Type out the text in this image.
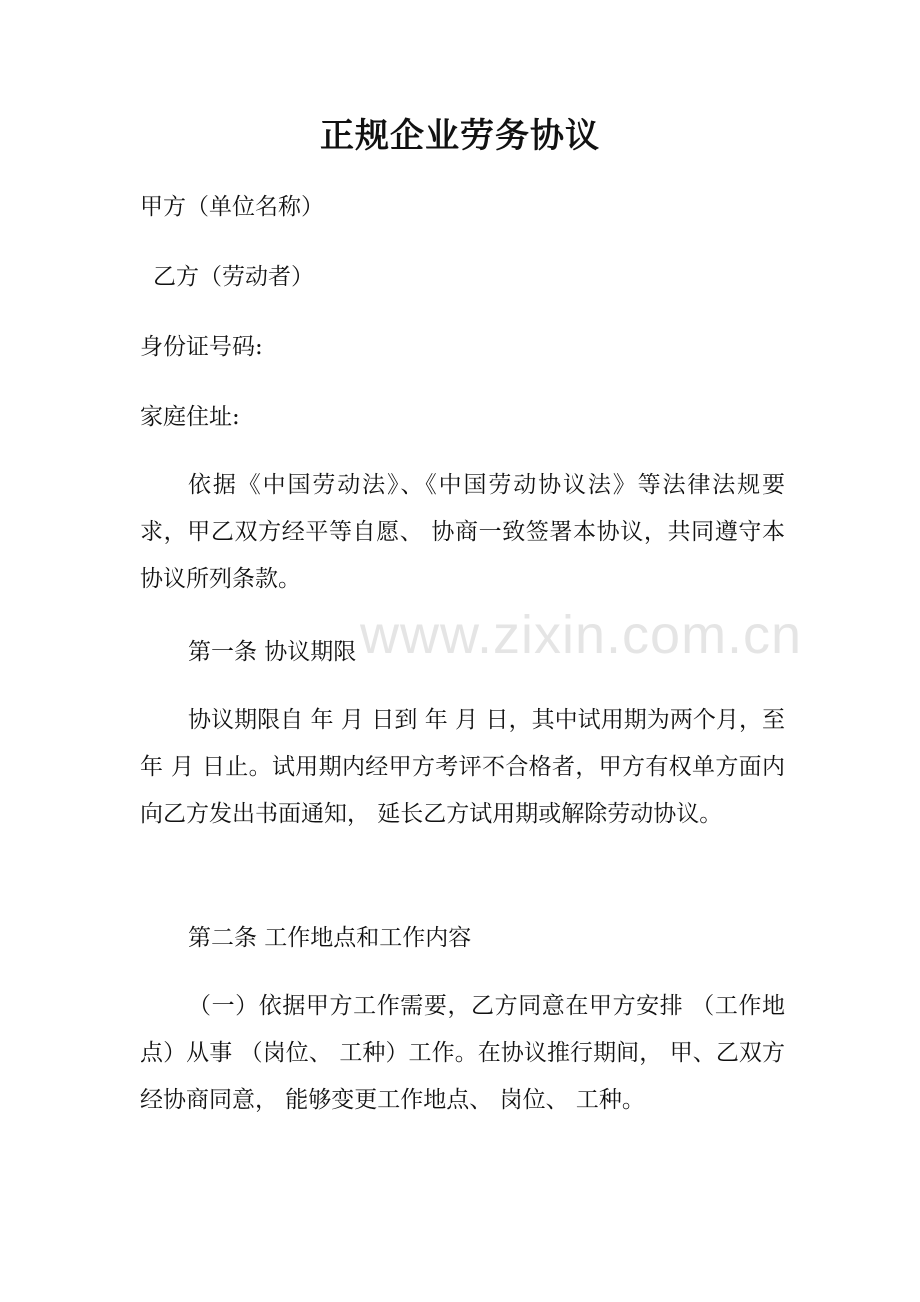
正规企业劳务协议
甲方（单位名称）
乙方（劳动者）
身份证号码:
家庭住址:
依据《中国劳动法》、《中国劳动协议法》等法律法规要求，甲乙双方经平等自愿、 协商一致签署本协议，共同遵守本协议所列条款。
www.zixin.com.cn
第一条 协议期限
协议期限自 年 月 日到 年 月 日，其中试用期为两个月，至 年 月 日止。试用期内经甲方考评不合格者，甲方有权单方面内向乙方发出书面通知， 延长乙方试用期或解除劳动协议。
第二条 工作地点和工作内容
（一）依据甲方工作需要，乙方同意在甲方安排 （工作地点）从事 （岗位、 工种）工作。在协议推行期间， 甲、乙双方经协商同意， 能够变更工作地点、 岗位、 工种。
